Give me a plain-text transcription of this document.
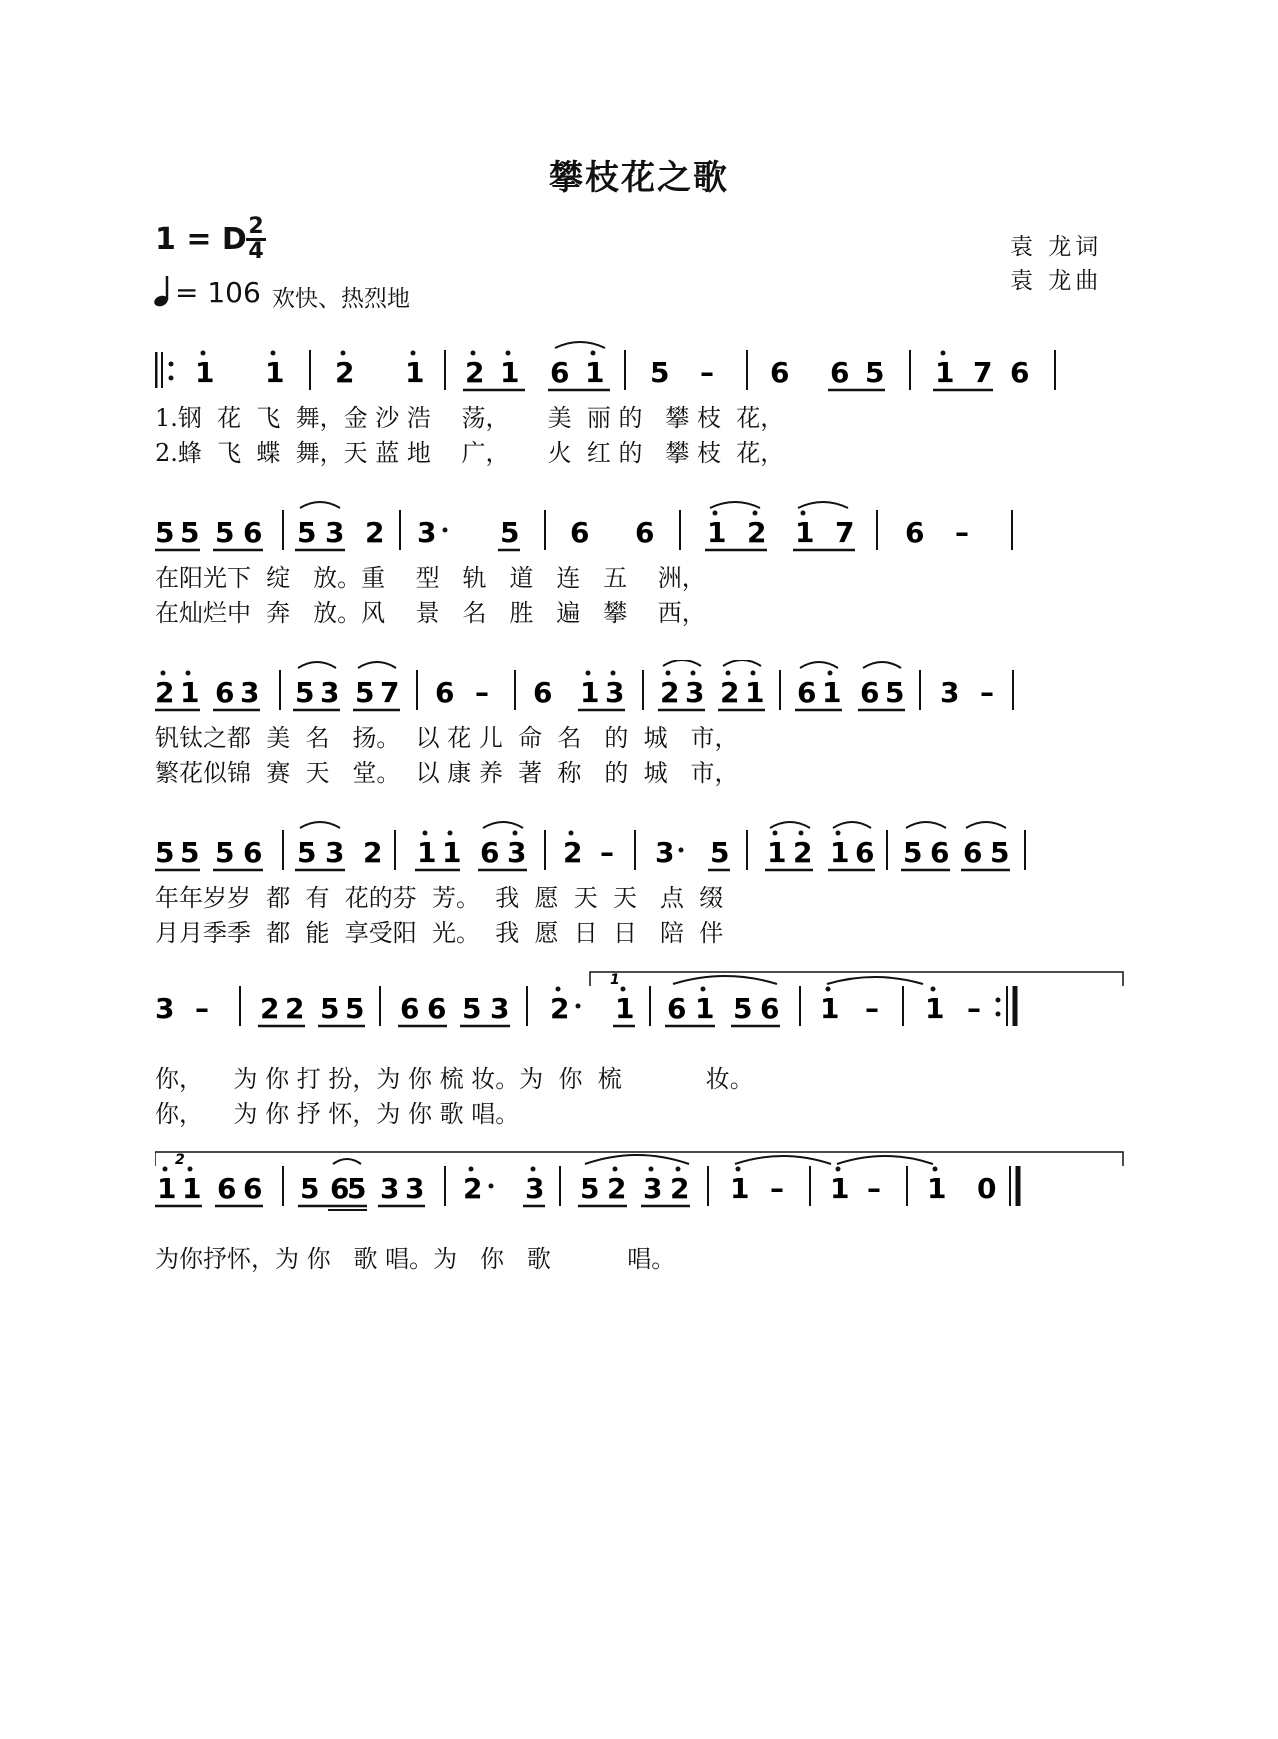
攀枝花之歌
1 = D $\frac{2}{4}$
= 106 欢快、热烈地
袁 龙词
袁 龙曲
1 1 2 1 2 1 6 1 5 – 6 6 5 1 7 6
1.钢  花  飞  舞，金 沙 浩    荡，     美  丽 的   攀 枝  花，
2.蜂  飞  蝶  舞，天 蓝 地    广，     火  红 的   攀 枝  花，
5 5 5 6 5 3 2 3 5 6 6 1 2 1 7 6 –
在阳光下  绽   放。重    型   轨   道   连   五    洲，
在灿烂中  奔   放。风    景   名   胜   遍   攀    西，
2 1 6 3 5 3 5 7 6 – 6 1 3 2 3 2 1 6 1 6 5 3 –
钒钛之都  美  名   扬。  以 花 儿  命  名   的  城   市，
繁花似锦  赛  天   堂。  以 康 养  著  称   的  城   市，
5 5 5 6 5 3 2 1 1 6 3 2 – 3 5 1 2 1 6 5 6 6 5
年年岁岁  都  有  花的芬  芳。  我  愿  天  天   点  缀
月月季季  都  能  享受阳  光。  我  愿  日  日   陪  伴
1
3 – 2 2 5 5 6 6 5 3 2 1 6 1 5 6 1 – 1 –
你，    为 你 打 扮，为 你 梳 妆。为  你  梳           妆。
你，    为 你 抒 怀，为 你 歌 唱。
2
1 1 6 6 5 6
5 3 3 2 3 5 2 3 2 1 – 1 – 1 0
为你抒怀，为 你   歌 唱。为   你   歌          唱。
